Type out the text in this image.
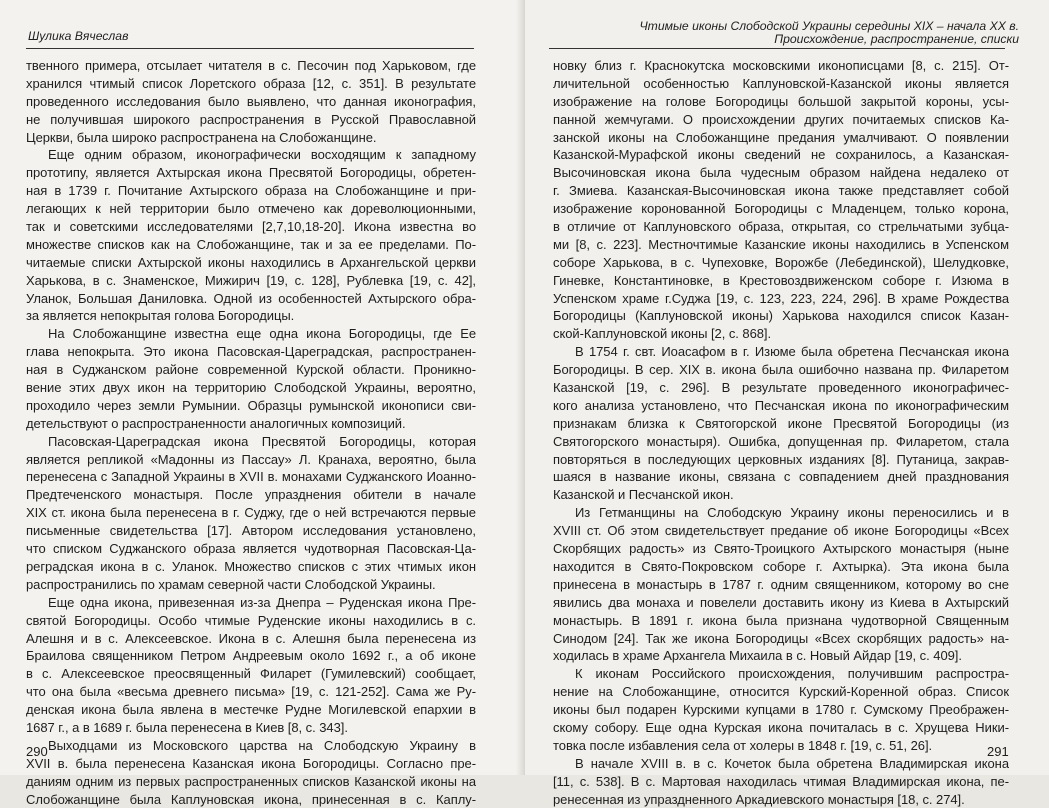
Шулика Вячеслав
твенного примера, отсылает читателя в с. Песочин под Харьковом, где
хранился чтимый список Лоретского образа [12, с. 351]. В результате
проведенного исследования было выявлено, что данная иконография,
не получившая широкого распространения в Русской Православной
Церкви, была широко распространена на Слобожанщине.
Еще одним образом, иконографически восходящим к западному
прототипу, является Ахтырская икона Пресвятой Богородицы, обретен-
ная в 1739 г. Почитание Ахтырского образа на Слобожанщине и при-
легающих к ней территории было отмечено как дореволюционными,
так и советскими исследователями [2,7,10,18-20]. Икона известна во
множестве списков как на Слобожанщине, так и за ее пределами. По-
читаемые списки Ахтырской иконы находились в Архангельской церкви
Харькова, в с. Знаменское, Мижирич [19, с. 128], Рублевка [19, с. 42],
Уланок, Большая Даниловка. Одной из особенностей Ахтырского обра-
за является непокрытая голова Богородицы.
На Слобожанщине известна еще одна икона Богородицы, где Ее
глава непокрыта. Это икона Пасовская-Цареградская, распространен-
ная в Суджанском районе современной Курской области. Проникно-
вение этих двух икон на территорию Слободской Украины, вероятно,
проходило через земли Румынии. Образцы румынской иконописи сви-
детельствуют о распространенности аналогичных композиций.
Пасовская-Цареградская икона Пресвятой Богородицы, которая
является репликой «Мадонны из Пассау» Л. Кранаха, вероятно, была
перенесена с Западной Украины в XVII в. монахами Суджанского Иоанно-
Предтеченского монастыря. После упразднения обители в начале
XIX ст. икона была перенесена в г. Суджу, где о ней встречаются первые
письменные свидетельства [17]. Автором исследования установлено,
что списком Суджанского образа является чудотворная Пасовская-Ца-
реградская икона в с. Уланок. Множество списков с этих чтимых икон
распространились по храмам северной части Слободской Украины.
Еще одна икона, привезенная из-за Днепра – Руденская икона Пре-
святой Богородицы. Особо чтимые Руденские иконы находились в с.
Алешня и в с. Алексеевское. Икона в с. Алешня была перенесена из
Браилова священником Петром Андреевым около 1692 г., а об иконе
в с. Алексеевское преосвященный Филарет (Гумилевский) сообщает,
что она была «весьма древнего письма» [19, с. 121-252]. Сама же Ру-
денская икона была явлена в местечке Рудне Могилевской епархии в
1687 г., а в 1689 г. была перенесена в Киев [8, с. 343].
Выходцами из Московского царства на Слободскую Украину в
XVII в. была перенесена Казанская икона Богородицы. Согласно пре-
даниям одним из первых распространенных списков Казанской иконы на
Слобожанщине была Каплуновская икона, принесенная в с. Каплу-
290
Чтимые иконы Слободской Украины середины XIX – начала XX в.
Происхождение, распространение, списки
новку близ г. Краснокутска московскими иконописцами [8, с. 215]. От-
личительной особенностью Каплуновской-Казанской иконы является
изображение на голове Богородицы большой закрытой короны, усы-
панной жемчугами. О происхождении других почитаемых списков Ка-
занской иконы на Слобожанщине предания умалчивают. О появлении
Казанской-Мурафской иконы сведений не сохранилось, а Казанская-
Высочиновская икона была чудесным образом найдена недалеко от
г. Змиева. Казанская-Высочиновская икона также представляет собой
изображение коронованной Богородицы с Младенцем, только корона,
в отличие от Каплуновского образа, открытая, со стрельчатыми зубца-
ми [8, с. 223]. Местночтимые Казанские иконы находились в Успенском
соборе Харькова, в с. Чупеховке, Ворожбе (Лебединской), Шелудковке,
Гиневке, Константиновке, в Крестовоздвиженском соборе г. Изюма в
Успенском храме г.Суджа [19, с. 123, 223, 224, 296]. В храме Рождества
Богородицы (Каплуновской иконы) Харькова находился список Казан-
ской-Каплуновской иконы [2, с. 868].
В 1754 г. свт. Иоасафом в г. Изюме была обретена Песчанская икона
Богородицы. В сер. XIX в. икона была ошибочно названа пр. Филаретом
Казанской [19, с. 296]. В результате проведенного иконографичес-
кого анализа установлено, что Песчанская икона по иконографическим
признакам близка к Святогорской иконе Пресвятой Богородицы (из
Святогорского монастыря). Ошибка, допущенная пр. Филаретом, стала
повторяться в последующих церковных изданиях [8]. Путаница, закрав-
шаяся в название иконы, связана с совпадением дней празднования
Казанской и Песчанской икон.
Из Гетманщины на Слободскую Украину иконы переносились и в
XVIII ст. Об этом свидетельствует предание об иконе Богородицы «Всех
Скорбящих радость» из Свято-Троицкого Ахтырского монастыря (ныне
находится в Свято-Покровском соборе г. Ахтырка). Эта икона была
принесена в монастырь в 1787 г. одним священником, которому во сне
явились два монаха и повелели доставить икону из Киева в Ахтырский
монастырь. В 1891 г. икона была признана чудотворной Священным
Синодом [24]. Так же икона Богородицы «Всех скорбящих радость» на-
ходилась в храме Архангела Михаила в с. Новый Айдар [19, с. 409].
К иконам Российского происхождения, получившим распростра-
нение на Слобожанщине, относится Курский-Коренной образ. Список
иконы был подарен Курскими купцами в 1780 г. Сумскому Преображен-
скому собору. Еще одна Курская икона почиталась в с. Хрущева Ники-
товка после избавления села от холеры в 1848 г. [19, с. 51, 26].
В начале XVIII в. в с. Кочеток была обретена Владимирская икона
[11, с. 538]. В с. Мартовая находилась чтимая Владимирская икона, пе-
ренесенная из упраздненного Аркадиевского монастыря [18, с. 274].
291
